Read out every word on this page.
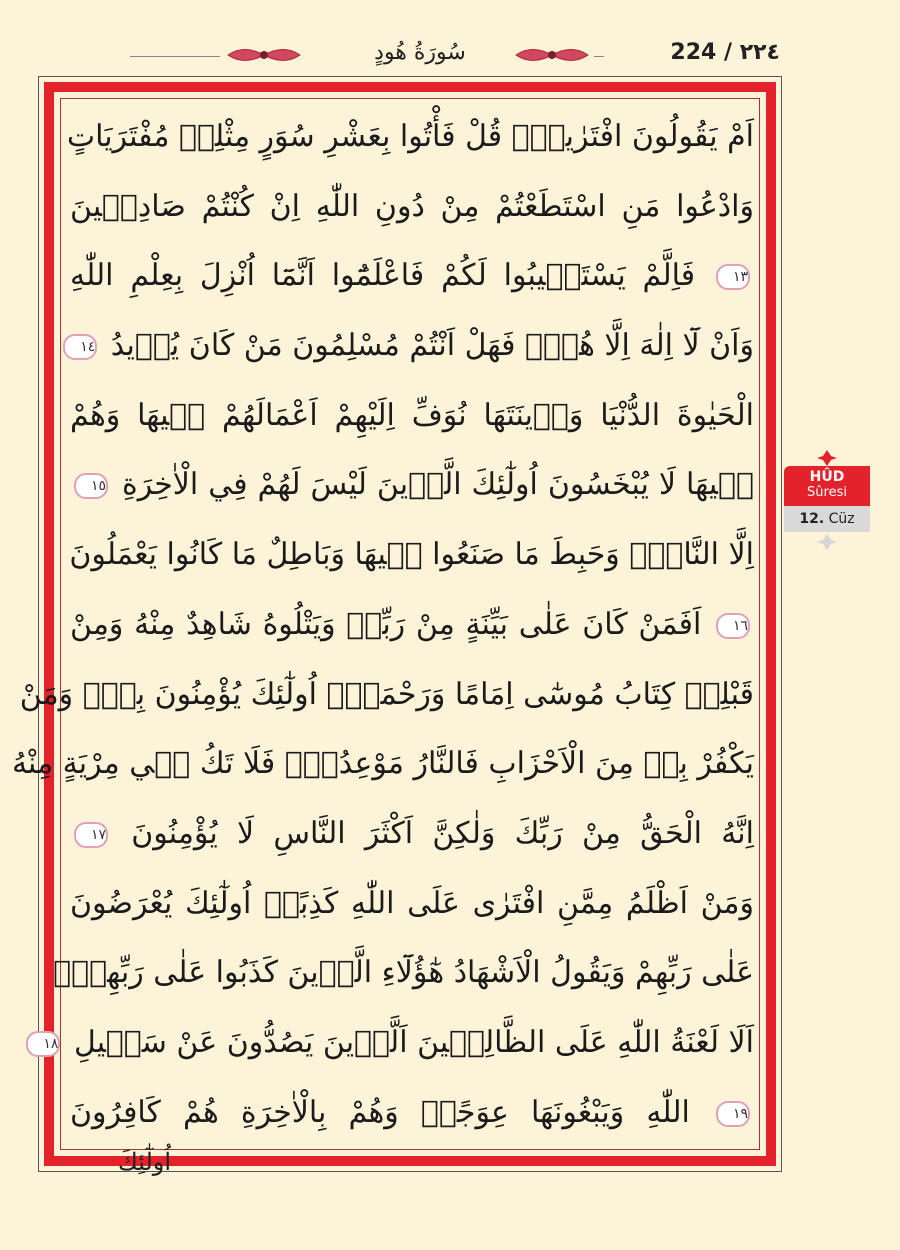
سُورَةُ هُودٍ	224 / ٢٢٤
اَمْ يَقُولُونَ افْتَرٰيهُۜ قُلْ فَأْتُوا بِعَشْرِ سُوَرٍ مِثْلِهٖ مُفْتَرَيَاتٍ
وَادْعُوا مَنِ اسْتَطَعْتُمْ مِنْ دُونِ اللّٰهِ اِنْ كُنْتُمْ صَادِقٖينَ
١٣ فَاِلَّمْ يَسْتَجٖيبُوا لَكُمْ فَاعْلَمُٓوا اَنَّمَٓا اُنْزِلَ بِعِلْمِ اللّٰهِ
وَاَنْ لَٓا اِلٰهَ اِلَّا هُوَۚ فَهَلْ اَنْتُمْ مُسْلِمُونَ مَنْ كَانَ يُرٖيدُ ١٤
الْحَيٰوةَ الدُّنْيَا وَزٖينَتَهَا نُوَفِّ اِلَيْهِمْ اَعْمَالَهُمْ فٖيهَا وَهُمْ
فٖيهَا لَا يُبْخَسُونَ اُولٰٓئِكَ الَّذٖينَ لَيْسَ لَهُمْ فِي الْاٰخِرَةِ ١٥
اِلَّا النَّارُۘ وَحَبِطَ مَا صَنَعُوا فٖيهَا وَبَاطِلٌ مَا كَانُوا يَعْمَلُونَ
١٦ اَفَمَنْ كَانَ عَلٰى بَيِّنَةٍ مِنْ رَبِّهٖ وَيَتْلُوهُ شَاهِدٌ مِنْهُ وَمِنْ
قَبْلِهٖ كِتَابُ مُوسٰٓى اِمَامًا وَرَحْمَةًۜ اُولٰٓئِكَ يُؤْمِنُونَ بِهٖۜ وَمَنْ
يَكْفُرْ بِهٖ مِنَ الْاَحْزَابِ فَالنَّارُ مَوْعِدُهُۚ فَلَا تَكُ فٖي مِرْيَةٍ مِنْهُ
اِنَّهُ الْحَقُّ مِنْ رَبِّكَ وَلٰكِنَّ اَكْثَرَ النَّاسِ لَا يُؤْمِنُونَ ١٧
وَمَنْ اَظْلَمُ مِمَّنِ افْتَرٰى عَلَى اللّٰهِ كَذِبًاۜ اُولٰٓئِكَ يُعْرَضُونَ
عَلٰى رَبِّهِمْ وَيَقُولُ الْاَشْهَادُ هٰٓؤُلَٓاءِ الَّذٖينَ كَذَبُوا عَلٰى رَبِّهِمْۚ
اَلَا لَعْنَةُ اللّٰهِ عَلَى الظَّالِمٖينَ اَلَّذٖينَ يَصُدُّونَ عَنْ سَبٖيلِ ١٨
١٩ اللّٰهِ وَيَبْغُونَهَا عِوَجًاۜ وَهُمْ بِالْاٰخِرَةِ هُمْ كَافِرُونَ
اُولٰٓئِكَ
HÛD
Sûresi
12. Cüz
